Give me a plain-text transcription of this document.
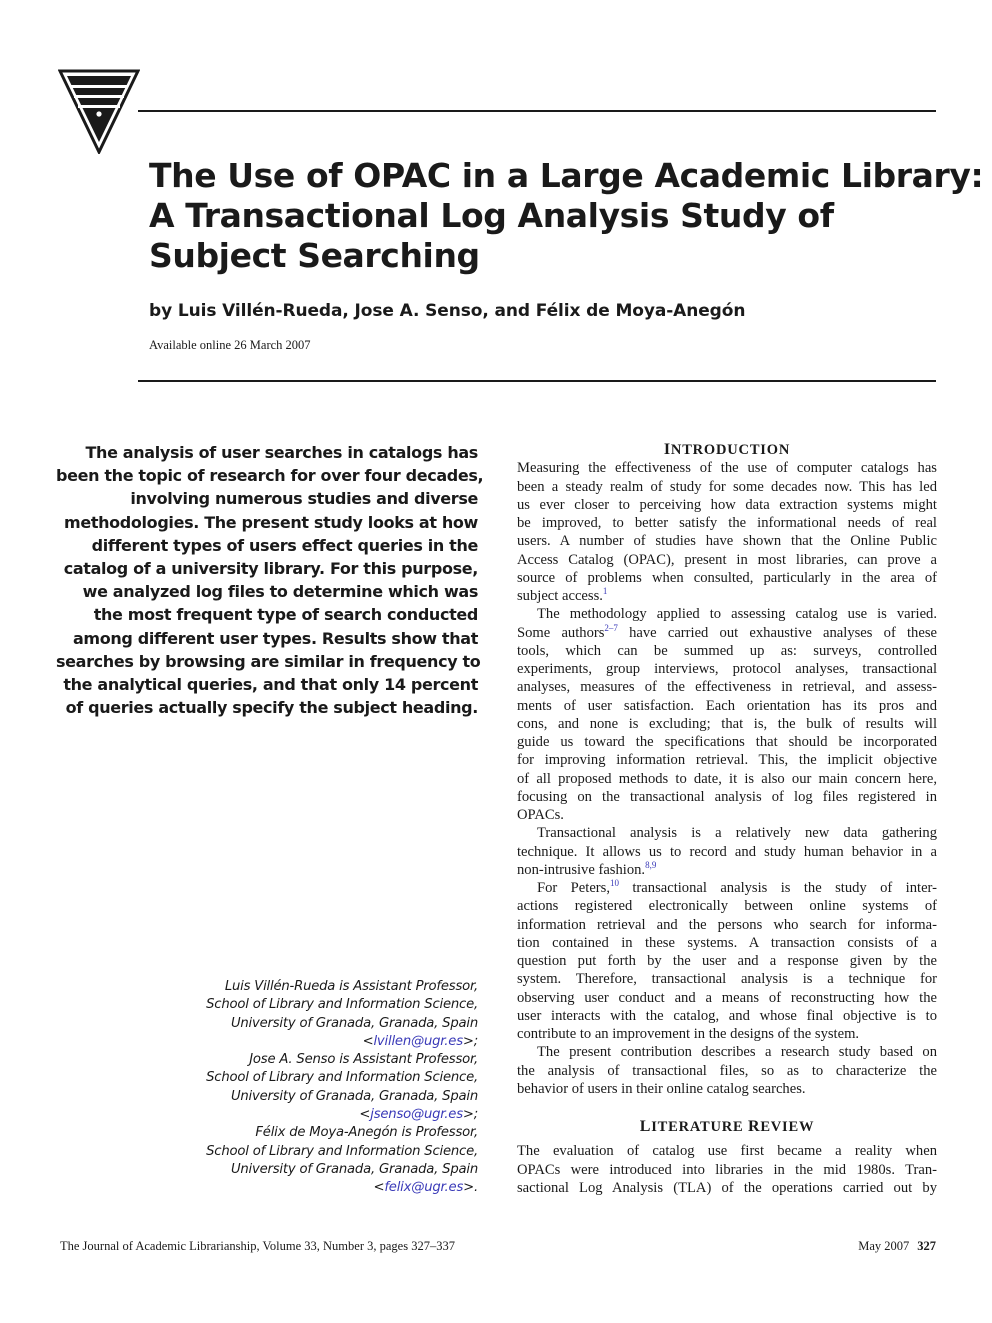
The Use of OPAC in a Large Academic Library:
A Transactional Log Analysis Study of
Subject Searching
by Luis Villén-Rueda, Jose A. Senso, and Félix de Moya-Anegón
Available online 26 March 2007
The analysis of user searches in catalogs has
been the topic of research for over four decades,
involving numerous studies and diverse
methodologies. The present study looks at how
different types of users effect queries in the
catalog of a university library. For this purpose,
we analyzed log files to determine which was
the most frequent type of search conducted
among different user types. Results show that
searches by browsing are similar in frequency to
the analytical queries, and that only 14 percent
of queries actually specify the subject heading.
Luis Villén-Rueda is Assistant Professor,
School of Library and Information Science,
University of Granada, Granada, Spain
<lvillen@ugr.es>;
Jose A. Senso is Assistant Professor,
School of Library and Information Science,
University of Granada, Granada, Spain
<jsenso@ugr.es>;
Félix de Moya-Anegón is Professor,
School of Library and Information Science,
University of Granada, Granada, Spain
<felix@ugr.es>.
INTRODUCTION

Measuring the effectiveness of the use of computer catalogs has
been a steady realm of study for some decades now. This has led
us ever closer to perceiving how data extraction systems might
be improved, to better satisfy the informational needs of real
users. A number of studies have shown that the Online Public
Access Catalog (OPAC), present in most libraries, can prove a
source of problems when consulted, particularly in the area of
subject access.$^1$

The methodology applied to assessing catalog use is varied.
Some authors$^{2-7}$ have carried out exhaustive analyses of these
tools, which can be summed up as: surveys, controlled
experiments, group interviews, protocol analyses, transactional
analyses, measures of the effectiveness in retrieval, and assess-
ments of user satisfaction. Each orientation has its pros and
cons, and none is excluding; that is, the bulk of results will
guide us toward the specifications that should be incorporated
for improving information retrieval. This, the implicit objective
of all proposed methods to date, it is also our main concern here,
focusing on the transactional analysis of log files registered in
OPACs.

Transactional analysis is a relatively new data gathering
technique. It allows us to record and study human behavior in a
non-intrusive fashion.$^{8,9}$

For Peters,$^{10}$ transactional analysis is the study of inter-
actions registered electronically between online systems of
information retrieval and the persons who search for informa-
tion contained in these systems. A transaction consists of a
question put forth by the user and a response given by the
system. Therefore, transactional analysis is a technique for
observing user conduct and a means of reconstructing how the
user interacts with the catalog, and whose final objective is to
contribute to an improvement in the designs of the system.

The present contribution describes a research study based on
the analysis of transactional files, so as to characterize the
behavior of users in their online catalog searches.

LITERATURE REVIEW

The evaluation of catalog use first became a reality when
OPACs were introduced into libraries in the mid 1980s. Tran-
sactional Log Analysis (TLA) of the operations carried out by

The Journal of Academic Librarianship, Volume 33, Number 3, pages 327–337	May 2007 327
